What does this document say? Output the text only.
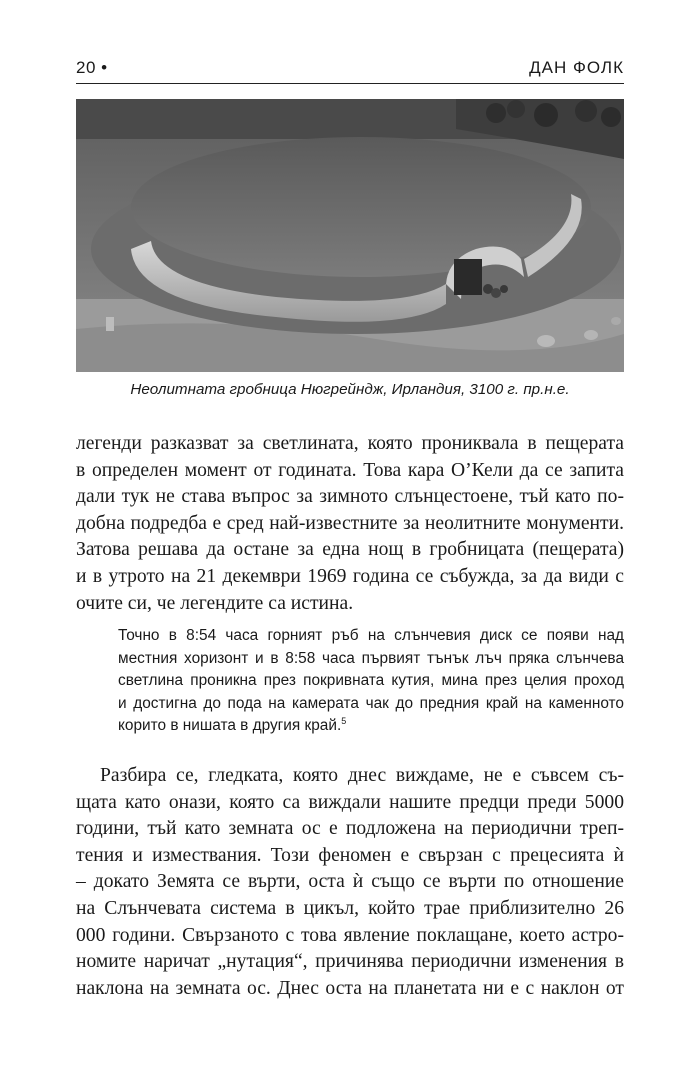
20 •	ДАН ФОЛК
Неолитната гробница Нюгрейндж, Ирландия, 3100 г. пр.н.е.
легенди разказват за светлината, която прониквала в пещерата
в определен момент от годината. Това кара О’Кели да се запита
дали тук не става въпрос за зимното слънцестоене, тъй като по-
добна подредба е сред най-известните за неолитните монументи.
Затова решава да остане за една нощ в гробницата (пещерата)
и в утрото на 21 декември 1969 година се събужда, за да види с
очите си, че легендите са истина.
Точно в 8:54 часа горният ръб на слънчевия диск се появи над
местния хоризонт и в 8:58 часа първият тънък лъч пряка слънчева
светлина проникна през покривната кутия, мина през целия проход
и достигна до пода на камерата чак до предния край на каменното
корито в нишата в другия край.$^5$
Разбира се, гледката, която днес виждаме, не е съвсем съ-
щата като онази, която са виждали нашите предци преди 5000
години, тъй като земната ос е подложена на периодични треп-
тения и измествания. Този феномен е свързан с прецесията ѝ
– докато Земята се върти, оста ѝ също се върти по отношение
на Слънчевата система в цикъл, който трае приблизително 26
000 години. Свързаното с това явление поклащане, което астро-
номите наричат „нутация“, причинява периодични изменения в
наклона на земната ос. Днес оста на планетата ни е с наклон от
